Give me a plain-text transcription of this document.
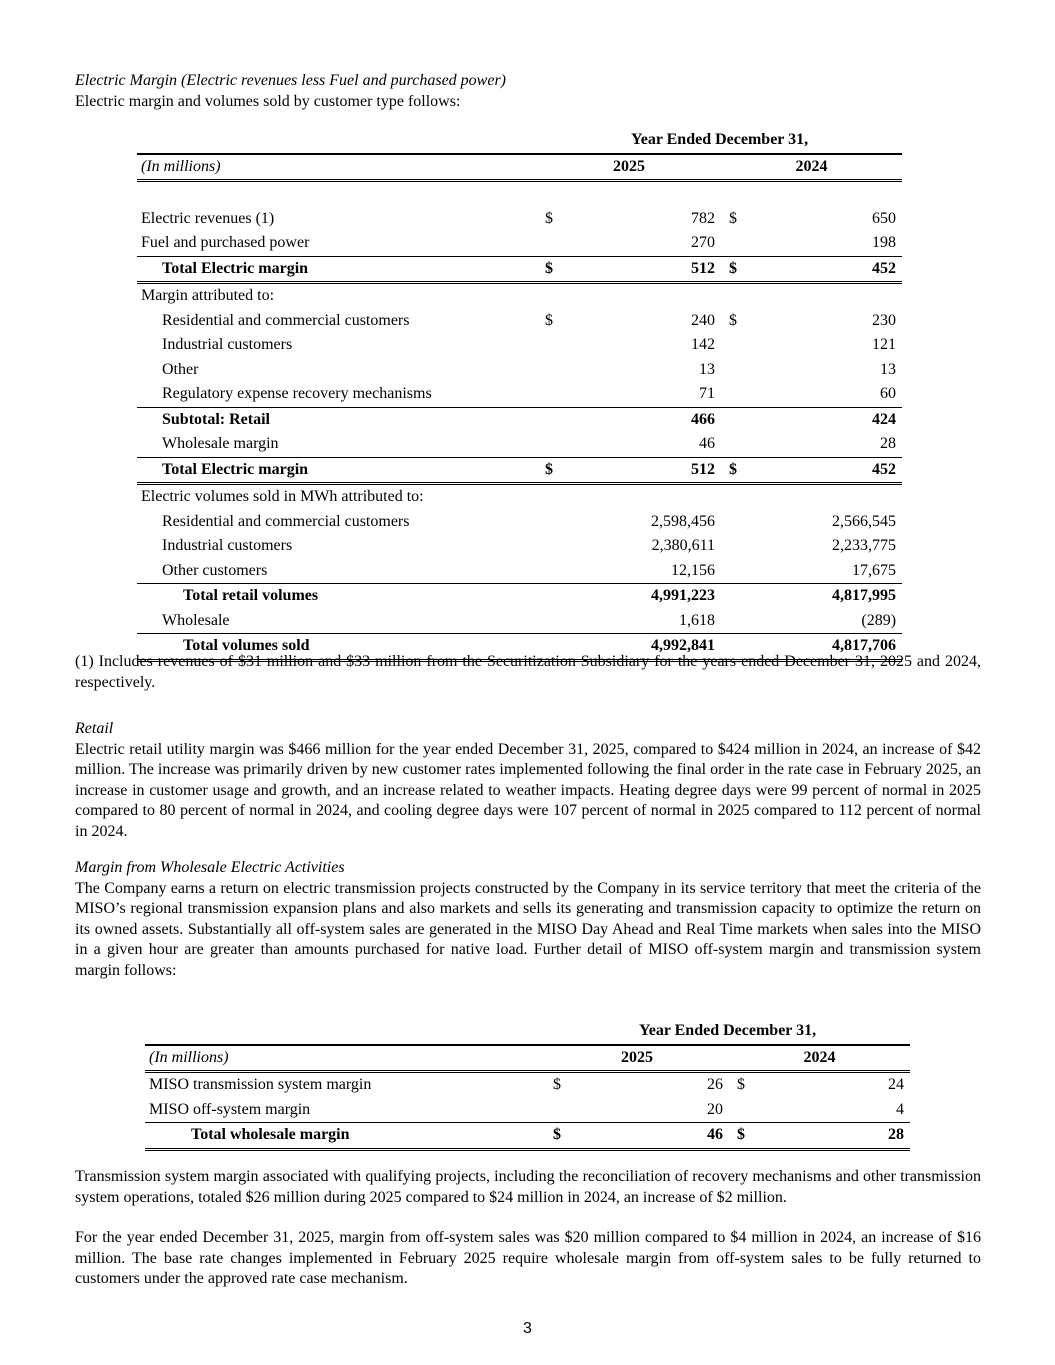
Electric Margin (Electric revenues less Fuel and purchased power)
Electric margin and volumes sold by customer type follows:
	Year Ended December 31,			
(In millions)	2025		2024	

Electric revenues (1)	$	782	$	650
Fuel and purchased power		270		198
Total Electric margin	$	512	$	452
Margin attributed to:				
Residential and commercial customers	$	240	$	230
Industrial customers		142		121
Other		13		13
Regulatory expense recovery mechanisms		71		60
Subtotal: Retail		466		424
Wholesale margin		46		28
Total Electric margin	$	512	$	452
Electric volumes sold in MWh attributed to:				
Residential and commercial customers		2,598,456		2,566,545
Industrial customers		2,380,611		2,233,775
Other customers		12,156		17,675
Total retail volumes		4,991,223		4,817,995
Wholesale		1,618		(289)
Total volumes sold		4,992,841		4,817,706
(1) Includes revenues of $31 million and $33 million from the Securitization Subsidiary for the years ended December 31, 2025 and 2024, respectively.
Retail
Electric retail utility margin was $466 million for the year ended December 31, 2025, compared to $424 million in 2024, an increase of $42 million. The increase was primarily driven by new customer rates implemented following the final order in the rate case in February 2025, an increase in customer usage and growth, and an increase related to weather impacts. Heating degree days were 99 percent of normal in 2025 compared to 80 percent of normal in 2024, and cooling degree days were 107 percent of normal in 2025 compared to 112 percent of normal in 2024.
Margin from Wholesale Electric Activities
The Company earns a return on electric transmission projects constructed by the Company in its service territory that meet the criteria of the MISO’s regional transmission expansion plans and also markets and sells its generating and transmission capacity to optimize the return on its owned assets. Substantially all off-system sales are generated in the MISO Day Ahead and Real Time markets when sales into the MISO in a given hour are greater than amounts purchased for native load. Further detail of MISO off-system margin and transmission system margin follows:
	Year Ended December 31,			
(In millions)	2025		2024	
MISO transmission system margin	$	26	$	24
MISO off-system margin		20		4
Total wholesale margin	$	46	$	28
Transmission system margin associated with qualifying projects, including the reconciliation of recovery mechanisms and other transmission system operations, totaled $26 million during 2025 compared to $24 million in 2024, an increase of $2 million.
For the year ended December 31, 2025, margin from off-system sales was $20 million compared to $4 million in 2024, an increase of $16 million. The base rate changes implemented in February 2025 require wholesale margin from off-system sales to be fully returned to customers under the approved rate case mechanism.
3
